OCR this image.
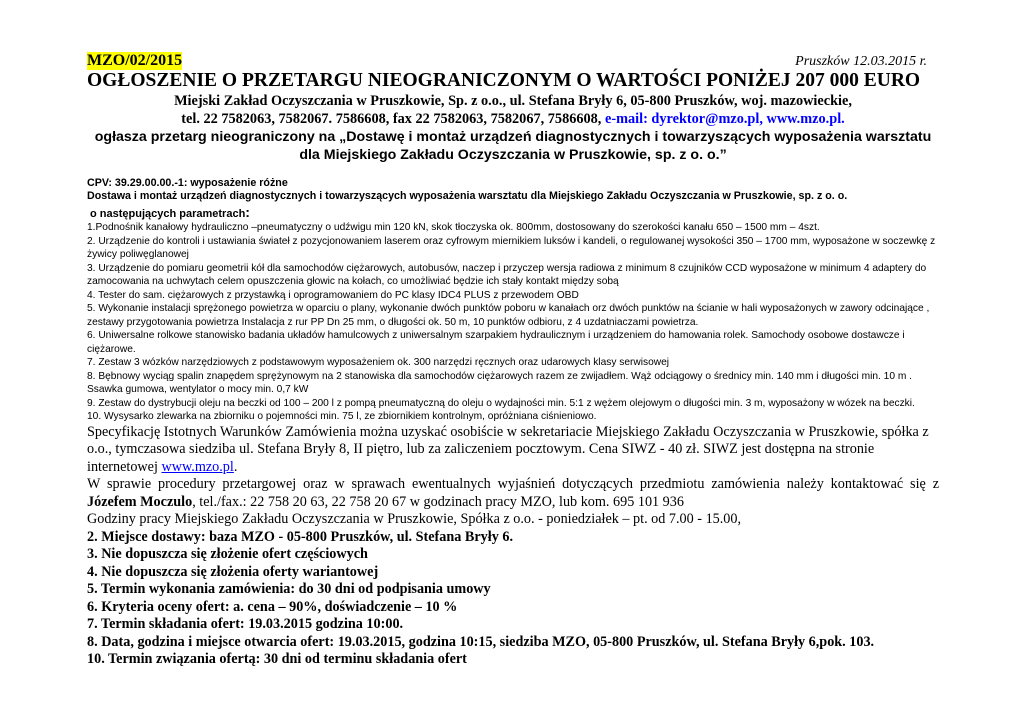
MZO/02/2015	Pruszków 12.03.2015 r.
OGŁOSZENIE O PRZETARGU NIEOGRANICZONYM O WARTOŚCI PONIŻEJ 207 000 EURO
Miejski Zakład Oczyszczania w Pruszkowie, Sp. z o.o., ul. Stefana Bryły 6, 05-800 Pruszków, woj. mazowieckie,
tel. 22 7582063, 7582067. 7586608, fax 22 7582063, 7582067, 7586608, e-mail: dyrektor@mzo.pl, www.mzo.pl.
ogłasza przetarg nieograniczony na „Dostawę i montaż urządzeń diagnostycznych i towarzyszących wyposażenia warsztatu
dla Miejskiego Zakładu Oczyszczania w Pruszkowie, sp. z o. o.”
CPV: 39.29.00.00.-1: wyposażenie różne
Dostawa i montaż urządzeń diagnostycznych i towarzyszących wyposażenia warsztatu dla Miejskiego Zakładu Oczyszczania w Pruszkowie, sp. z o. o.
o następujących parametrach:
1.Podnośnik kanałowy hydrauliczno –pneumatyczny o udźwigu min 120 kN, skok tłoczyska ok. 800mm, dostosowany do szerokości kanału 650 – 1500 mm – 4szt.
2. Urządzenie do kontroli i ustawiania świateł z pozycjonowaniem laserem oraz cyfrowym miernikiem luksów i kandeli, o regulowanej wysokości 350 – 1700 mm, wyposażone w soczewkę z żywicy poliwęglanowej
3. Urządzenie do pomiaru geometrii kół dla samochodów ciężarowych, autobusów, naczep i przyczep wersja radiowa z minimum 8 czujników CCD wyposażone w minimum 4 adaptery do zamocowania na uchwytach celem opuszczenia głowic na kołach, co umożliwiać będzie ich stały kontakt między sobą
4. Tester do sam. ciężarowych z przystawką i oprogramowaniem do PC klasy IDC4 PLUS z przewodem OBD
5. Wykonanie instalacji sprężonego powietrza w oparciu o plany, wykonanie dwóch punktów poboru w kanałach orz dwóch punktów na ścianie w hali wyposażonych w zawory odcinające , zestawy przygotowania powietrza Instalacja z rur PP Dn 25 mm, o długości ok. 50 m, 10 punktów odbioru, z 4 uzdatniaczami powietrza.
6. Uniwersalne rolkowe stanowisko badania układów hamulcowych z uniwersalnym szarpakiem hydraulicznym i urządzeniem do hamowania rolek. Samochody osobowe dostawcze i ciężarowe.
7. Zestaw 3 wózków narzędziowych z podstawowym wyposażeniem ok. 300 narzędzi ręcznych oraz udarowych klasy serwisowej
8. Bębnowy wyciąg spalin znapędem sprężynowym na 2 stanowiska dla samochodów ciężarowych razem ze zwijadłem. Wąż odciągowy o średnicy min. 140 mm i długości min. 10 m . Ssawka gumowa, wentylator o mocy min. 0,7 kW
9. Zestaw do dystrybucji oleju na beczki od 100 – 200 l z pompą pneumatyczną do oleju o wydajności min. 5:1 z wężem olejowym o długości min. 3 m, wyposażony w wózek na beczki.
10. Wysysarko zlewarka na zbiorniku o pojemności min. 75 l, ze zbiornikiem kontrolnym, opróżniana ciśnieniowo.
Specyfikację Istotnych Warunków Zamówienia można uzyskać osobiście w sekretariacie Miejskiego Zakładu Oczyszczania w Pruszkowie, spółka z o.o., tymczasowa siedziba ul. Stefana Bryły 8, II piętro, lub za zaliczeniem pocztowym. Cena SIWZ - 40 zł. SIWZ jest dostępna na stronie internetowej www.mzo.pl.
W sprawie procedury przetargowej oraz w sprawach ewentualnych wyjaśnień dotyczących przedmiotu zamówienia należy kontaktować się z Józefem Moczulo, tel./fax.: 22 758 20 63, 22 758 20 67 w godzinach pracy MZO, lub kom. 695 101 936
Godziny pracy Miejskiego Zakładu Oczyszczania w Pruszkowie, Spółka z o.o. - poniedziałek – pt. od 7.00 - 15.00,
2. Miejsce dostawy: baza MZO - 05-800 Pruszków, ul. Stefana Bryły 6.
3. Nie dopuszcza się złożenie ofert częściowych
4. Nie dopuszcza się złożenia oferty wariantowej
5. Termin wykonania zamówienia: do 30 dni od podpisania umowy
6. Kryteria oceny ofert: a. cena – 90%, doświadczenie – 10 %
7. Termin składania ofert: 19.03.2015 godzina 10:00.
8. Data, godzina i miejsce otwarcia ofert: 19.03.2015, godzina 10:15, siedziba MZO, 05-800 Pruszków, ul. Stefana Bryły 6,pok. 103.
10. Termin związania ofertą: 30 dni od terminu składania ofert
